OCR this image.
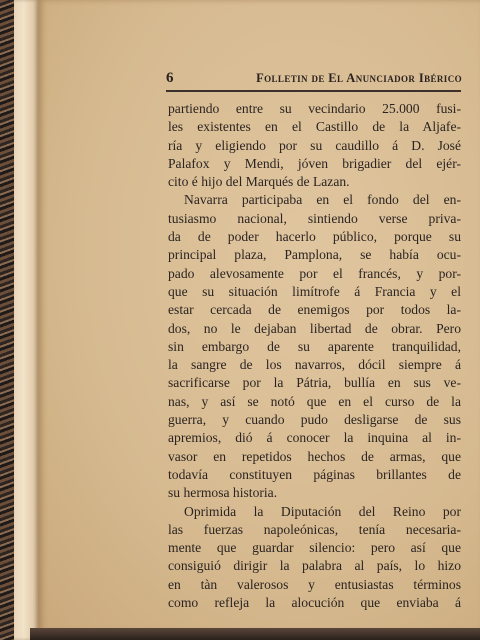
6	Folletin de El Anunciador Ibérico
partiendo entre su vecindario 25.000 fusi-
les existentes en el Castillo de la Aljafe-
ría y eligiendo por su caudillo á D. José
Palafox y Mendi, jóven brigadier del ejér-
cito é hijo del Marqués de Lazan.
Navarra participaba en el fondo del en-
tusiasmo nacional, sintiendo verse priva-
da de poder hacerlo público, porque su
principal plaza, Pamplona, se había ocu-
pado alevosamente por el francés, y por-
que su situación limítrofe á Francia y el
estar cercada de enemigos por todos la-
dos, no le dejaban libertad de obrar. Pero
sin embargo de su aparente tranquilidad,
la sangre de los navarros, dócil siempre á
sacrificarse por la Pátria, bullía en sus ve-
nas, y así se notó que en el curso de la
guerra, y cuando pudo desligarse de sus
apremios, dió á conocer la inquina al in-
vasor en repetidos hechos de armas, que
todavía constituyen páginas brillantes de
su hermosa historia.
Oprimida la Diputación del Reino por
las fuerzas napoleónicas, tenía necesaria-
mente que guardar silencio: pero así que
consiguió dirigir la palabra al país, lo hizo
en tàn valerosos y entusiastas términos
como refleja la alocución que enviaba á
